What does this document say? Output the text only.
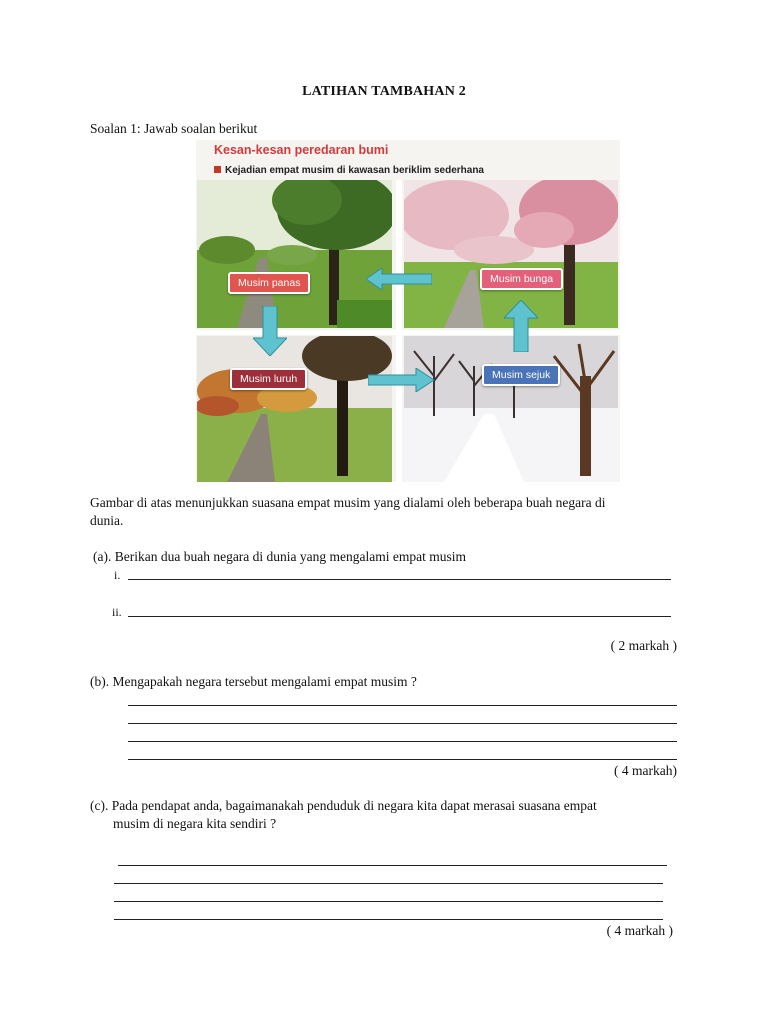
LATIHAN TAMBAHAN 2
Soalan 1: Jawab soalan berikut
Kesan-kesan peredaran bumi
Kejadian empat musim di kawasan beriklim sederhana
Musim panas	Musim bunga
Musim luruh	Musim sejuk
Gambar di atas menunjukkan suasana empat musim yang dialami oleh beberapa buah negara di
dunia.
(a). Berikan dua buah negara di dunia yang mengalami empat musim
i.
ii.
( 2 markah )
(b). Mengapakah negara tersebut mengalami empat musim ?
( 4 markah)
(c). Pada pendapat anda, bagaimanakah penduduk di negara kita dapat merasai suasana empat
musim di negara kita sendiri ?
( 4 markah )
